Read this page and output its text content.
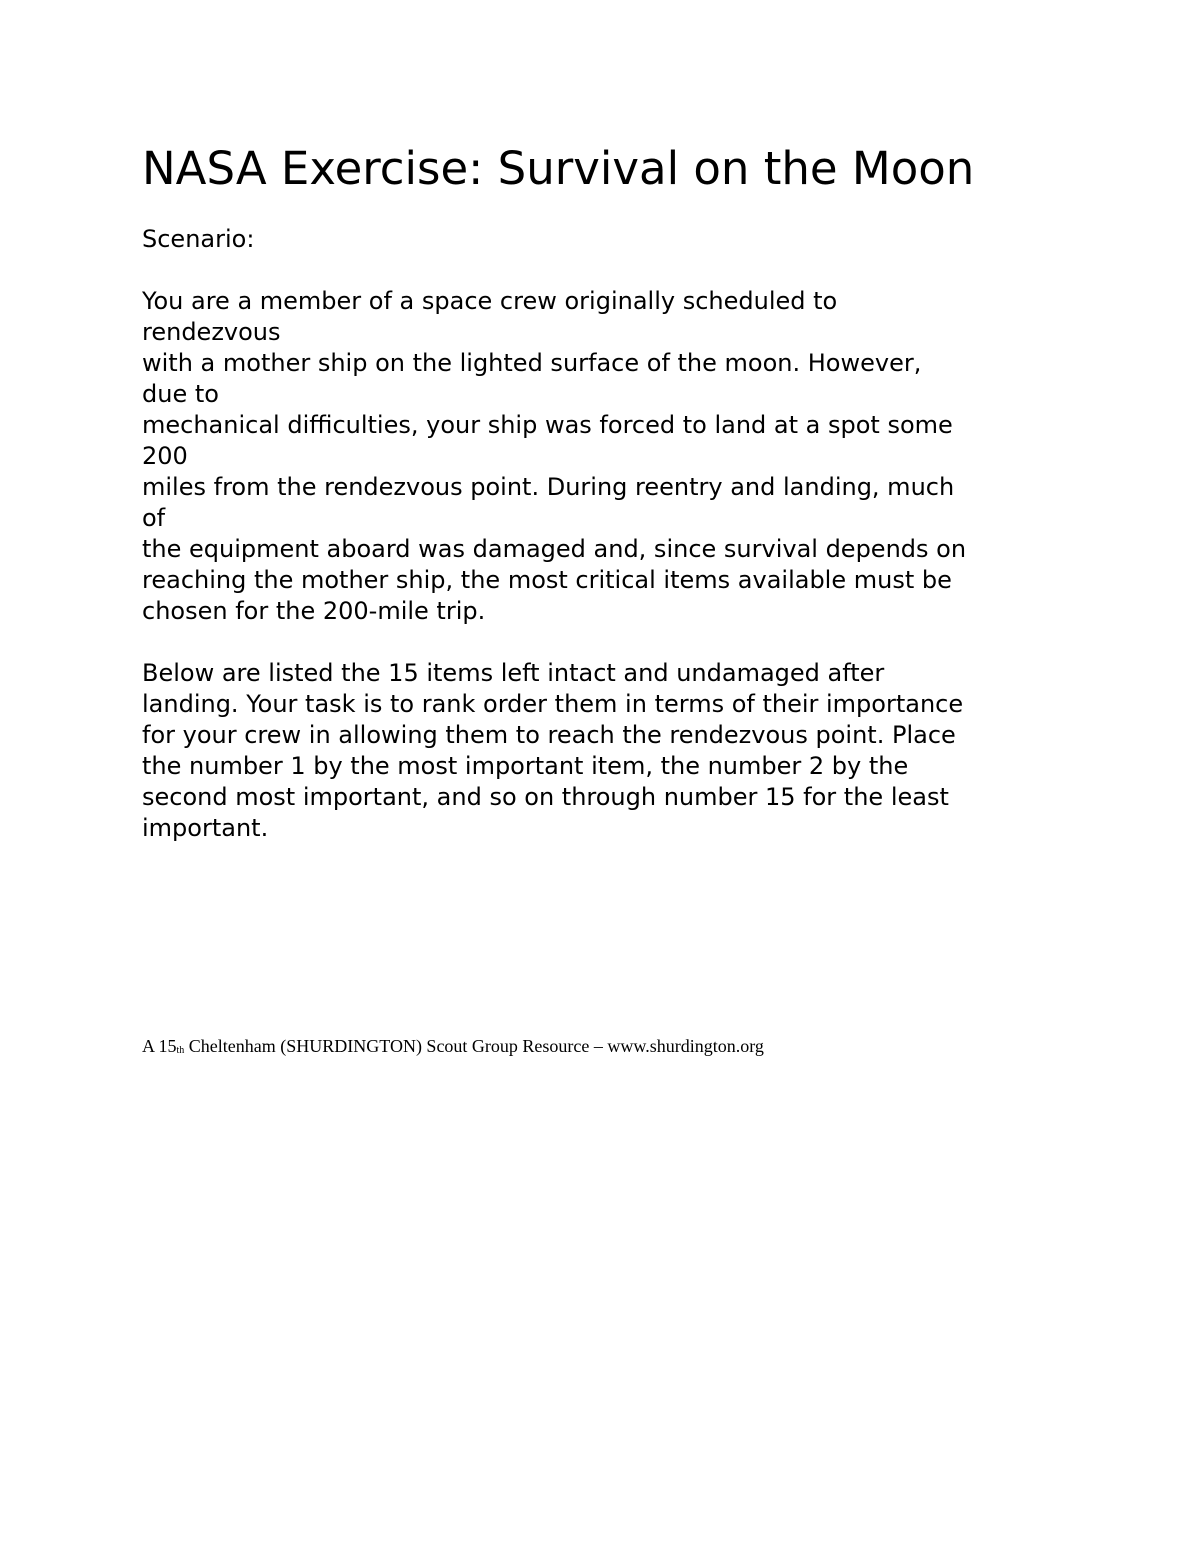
NASA Exercise: Survival on the Moon
Scenario:
You are a member of a space crew originally scheduled to
rendezvous
with a mother ship on the lighted surface of the moon. However,
due to
mechanical difficulties, your ship was forced to land at a spot some
200
miles from the rendezvous point. During reentry and landing, much
of
the equipment aboard was damaged and, since survival depends on
reaching the mother ship, the most critical items available must be
chosen for the 200-mile trip.
Below are listed the 15 items left intact and undamaged after
landing. Your task is to rank order them in terms of their importance
for your crew in allowing them to reach the rendezvous point. Place
the number 1 by the most important item, the number 2 by the
second most important, and so on through number 15 for the least
important.
A 15th Cheltenham (SHURDINGTON) Scout Group Resource – www.shurdington.org
